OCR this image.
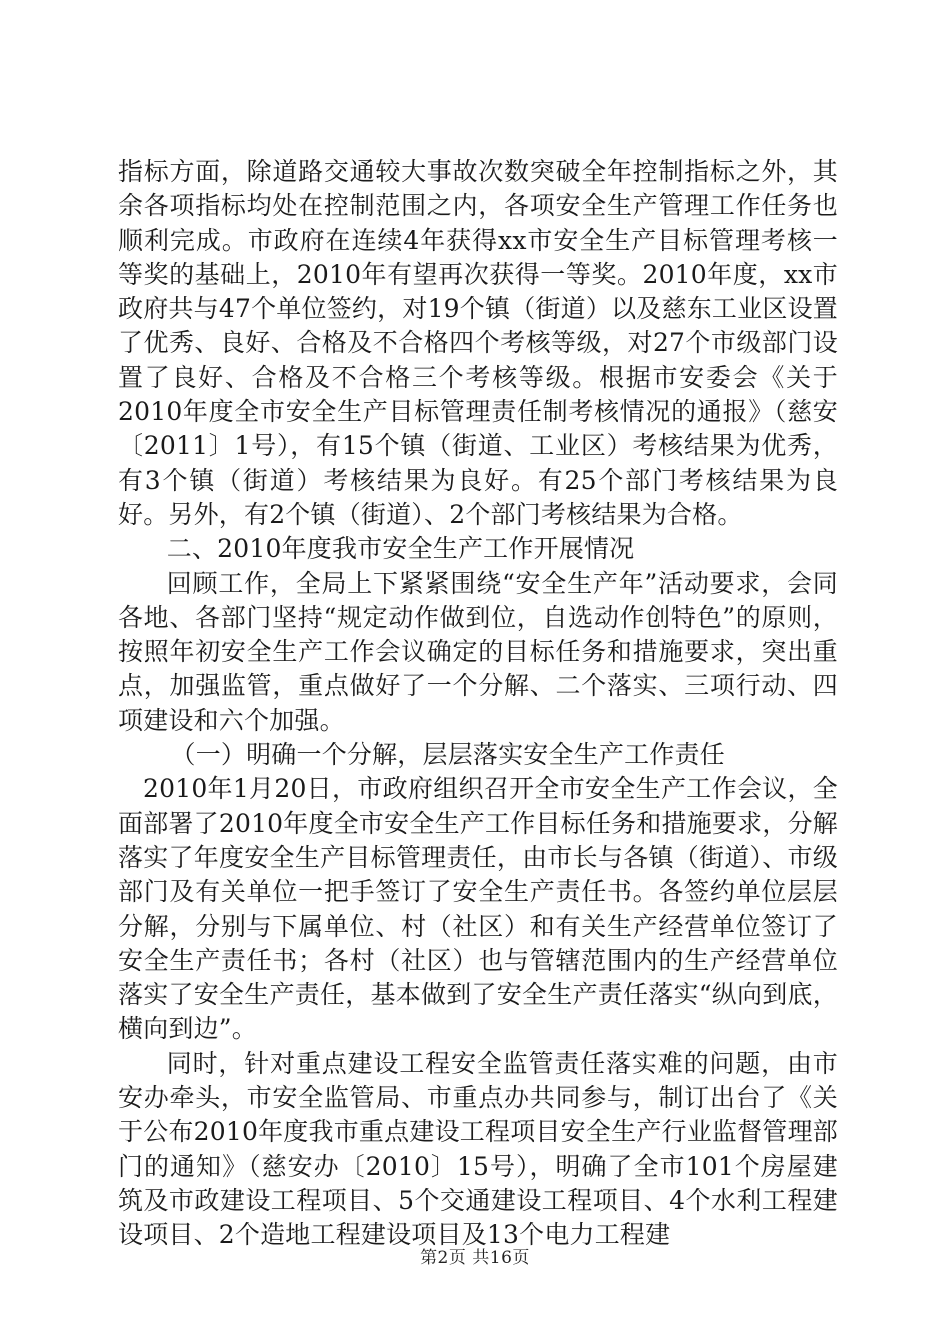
指标方面，除道路交通较大事故次数突破全年控制指标之外，其余各项指标均处在控制范围之内，各项安全生产管理工作任务也顺利完成。市政府在连续4年获得xx市安全生产目标管理考核一等奖的基础上，2010年有望再次获得一等奖。2010年度，xx市政府共与47个单位签约，对19个镇（街道）以及慈东工业区设置了优秀、良好、合格及不合格四个考核等级，对27个市级部门设置了良好、合格及不合格三个考核等级。根据市安委会《关于2010年度全市安全生产目标管理责任制考核情况的通报》（慈安〔2011〕1号），有15个镇（街道、工业区）考核结果为优秀，有3个镇（街道）考核结果为良好。有25个部门考核结果为良好。另外，有2个镇（街道）、2个部门考核结果为合格。

二、2010年度我市安全生产工作开展情况

回顾工作，全局上下紧紧围绕“安全生产年”活动要求，会同各地、各部门坚持“规定动作做到位，自选动作创特色”的原则，按照年初安全生产工作会议确定的目标任务和措施要求，突出重点，加强监管，重点做好了一个分解、二个落实、三项行动、四项建设和六个加强。

（一）明确一个分解，层层落实安全生产工作责任

2010年1月20日，市政府组织召开全市安全生产工作会议，全面部署了2010年度全市安全生产工作目标任务和措施要求，分解落实了年度安全生产目标管理责任，由市长与各镇（街道）、市级部门及有关单位一把手签订了安全生产责任书。各签约单位层层分解，分别与下属单位、村（社区）和有关生产经营单位签订了安全生产责任书；各村（社区）也与管辖范围内的生产经营单位落实了安全生产责任，基本做到了安全生产责任落实“纵向到底，横向到边”。

同时，针对重点建设工程安全监管责任落实难的问题，由市安办牵头，市安全监管局、市重点办共同参与，制订出台了《关于公布2010年度我市重点建设工程项目安全生产行业监督管理部门的通知》（慈安办〔2010〕15号），明确了全市101个房屋建筑及市政建设工程项目、5个交通建设工程项目、4个水利工程建设项目、2个造地工程建设项目及13个电力工程建

第2页 共16页
